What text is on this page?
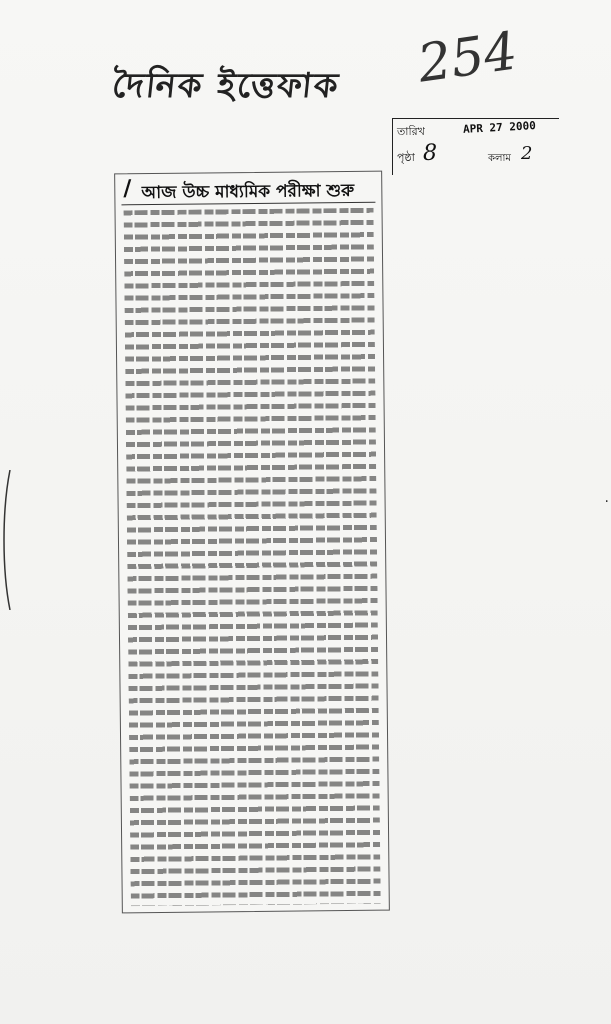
দৈনিক ইত্তেফাক 254
তারিখ	APR 27 2000
পৃষ্ঠা 8	কলাম 2
/ আজ উচ্চ মাধ্যমিক পরীক্ষা শুরু
.
